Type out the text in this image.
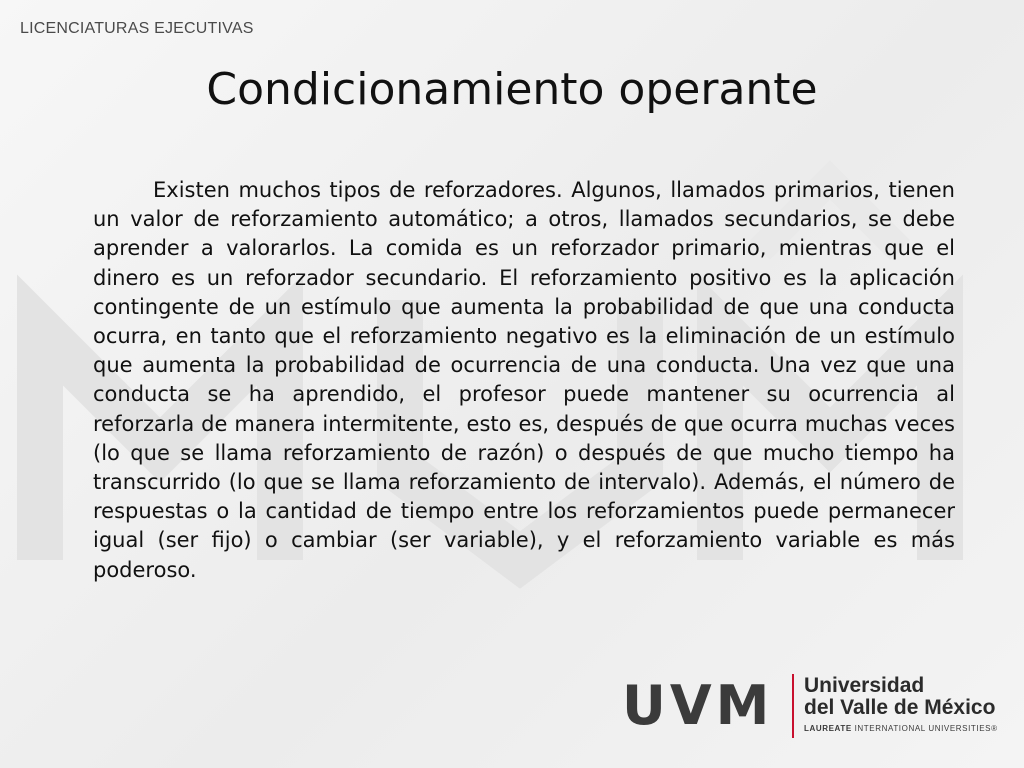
LICENCIATURAS EJECUTIVAS
Condicionamiento operante

Existen muchos tipos de reforzadores. Algunos, llamados primarios, tienen un valor de reforzamiento automático; a otros, llamados secundarios, se debe aprender a valorarlos. La comida es un reforzador primario, mientras que el dinero es un reforzador secundario. El reforzamiento positivo es la aplicación contingente de un estímulo que aumenta la probabilidad de que una conducta ocurra, en tanto que el reforzamiento negativo es la eliminación de un estímulo que aumenta la probabilidad de ocurrencia de una conducta. Una vez que una conducta se ha aprendido, el profesor puede mantener su ocurrencia al reforzarla de manera intermitente, esto es, después de que ocurra muchas veces (lo que se llama reforzamiento de razón) o después de que mucho tiempo ha transcurrido (lo que se llama reforzamiento de intervalo). Además, el número de respuestas o la cantidad de tiempo entre los reforzamientos puede permanecer igual (ser fijo) o cambiar (ser variable), y el reforzamiento variable es más poderoso.

UVM Universidad
del Valle de México
LAUREATE INTERNATIONAL UNIVERSITIES®
